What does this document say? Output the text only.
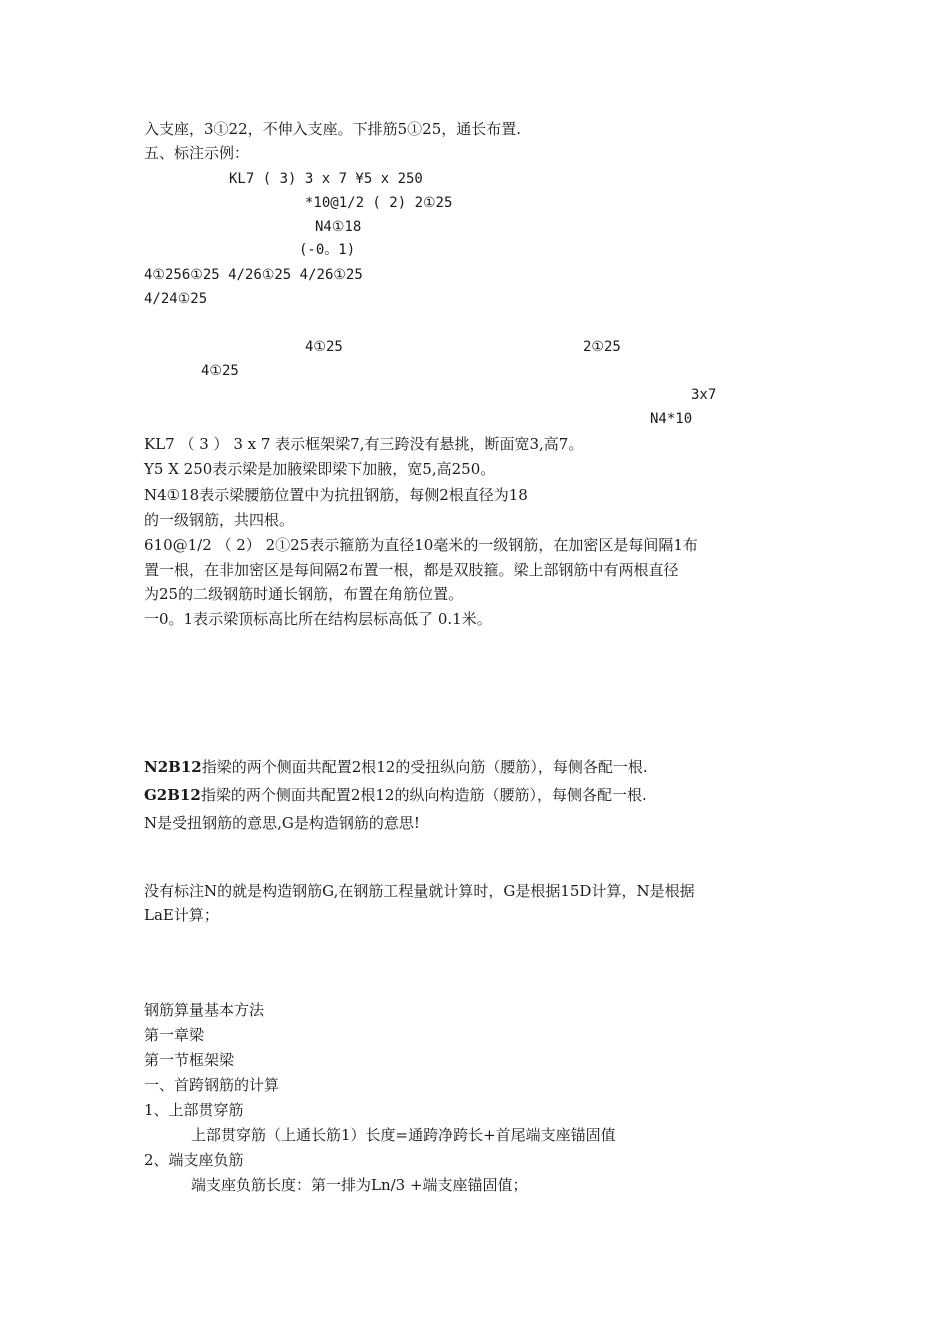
入支座，3①22，不伸入支座。下排筋5①25，通长布置.
五、标注示例：
KL7 ( 3) 3 x 7 ¥5 x 250
*10@1/2 ( 2) 2①25
N4①18
(-0。1)
4①256①25 4/26①25 4/26①25
4/24①25
4①25	2①25
4①25
3x7
N4*10
KL7 （ 3 ） 3 x 7 表示框架梁7,有三跨没有悬挑，断面宽3,高7。
Y5 X 250表示梁是加腋梁即梁下加腋，宽5,高250。
N4①18表示梁腰筋位置中为抗扭钢筋，每侧2根直径为18
的一级钢筋，共四根。
610@1/2 （ 2） 2①25表示箍筋为直径10毫米的一级钢筋，在加密区是每间隔1布
置一根，在非加密区是每间隔2布置一根，都是双肢箍。梁上部钢筋中有两根直径
为25的二级钢筋时通长钢筋，布置在角筋位置。
一0。1表示梁顶标高比所在结构层标高低了 0.1米。
N2B12指梁的两个侧面共配置2根12的受扭纵向筋（腰筋），每侧各配一根.
G2B12指梁的两个侧面共配置2根12的纵向构造筋（腰筋），每侧各配一根.
N是受扭钢筋的意思,G是构造钢筋的意思!
没有标注N的就是构造钢筋G,在钢筋工程量就计算时，G是根据15D计算，N是根据
LaE计算；
钢筋算量基本方法
第一章梁
第一节框架梁
一、首跨钢筋的计算
1、上部贯穿筋
上部贯穿筋（上通长筋1）长度=通跨净跨长+首尾端支座锚固值
2、端支座负筋
端支座负筋长度：第一排为Ln/3 +端支座锚固值；
